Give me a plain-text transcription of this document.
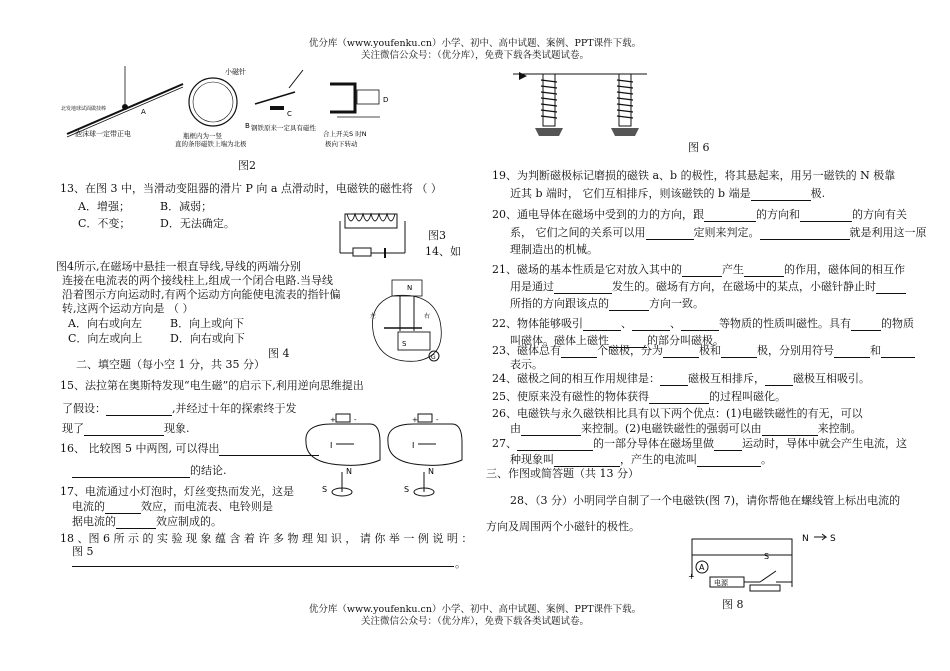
优分库（www.youfenku.cn）小学、初中、高中试题、案例、PPT课件下载。
关注微信公众号：（优分库），免费下载各类试题试卷。
北发地球试面做技棒
泡沫球一定带正电
A
小磁针
瓶框内为一竖
直的条形磁铁上端为北极
B
C
钢铁原来一定具有磁性
D
合上开关S 时N
极向下转动
图2
13、在图 3 中，当滑动变阻器的滑片 P 向 a 点滑动时，电磁铁的磁性将 （ ）
A．增强；	B．减弱；
C．不变；	D．无法确定。
图3
14、如
图4所示,在磁场中悬挂一根直导线,导线的两端分别
连接在电流表的两个接线柱上,组成一个闭合电路.当导线
沿着图示方向运动时,有两个运动方向能使电流表的指针偏
转,这两个运动方向是 （ ）
A．向右或向左	B．向上或向下
C．向左或向上	D．向右或向下
N
左	右
S
G
图 4
二、填空题（每小空 1 分，共 35 分）
15、法拉第在奥斯特发现“电生磁”的启示下,利用逆向思维提出
了假设：	,并经过十年的探索终于发
现了	现象.
16、 比较图 5 中两图, 可以得出
的结论.
+	-
I
N
S
+	-
I
N
S
17、电流通过小灯泡时，灯丝变热而发光，这是
电流的	效应，而电流表、电铃则是
据电流的	效应制成的。
18 、图 6 所 示 的 实 验 现 象 蕴 含 着 许 多 物 理 知 识 ， 请 你 举 一 例 说 明 ：
图 5
。
图 6
19、为判断磁极标记磨损的磁铁 a、b 的极性，将其悬起来，用另一磁铁的 N 极靠
近其 b 端时， 它们互相排斥，则该磁铁的 b 端是	极.
20、通电导体在磁场中受到的力的方向，跟	的方向和	的方向有关
系， 它们之间的关系可以用	定则来判定。	就是利用这一原
理制造出的机械。
21、磁场的基本性质是它对放入其中的	产生	的作用，磁体间的相互作
用是通过	发生的。磁场有方向，在磁场中的某点，小磁针静止时
所指的方向跟该点的	方向一致。
22、物体能够吸引	、	、	等物质的性质叫磁性。具有	的物质
叫磁体。磁体上磁性	的部分叫磁极。
23、磁体总有	个磁极，分为	极和	极，分别用符号	和
表示。
24、磁极之间的相互作用规律是：	磁极互相排斥，	磁极互相吸引。
25、使原来没有磁性的物体获得	的过程叫磁化。
26、电磁铁与永久磁铁相比具有以下两个优点：(1)电磁铁磁性的有无，可以
由	来控制。(2)电磁铁磁性的强弱可以由	来控制。
27、	的一部分导体在磁场里做	运动时，导体中就会产生电流，这
种现象叫	，产生的电流叫	。
三、作图或简答题（共 13 分）
28、（3 分）小明同学自制了一个电磁铁(图 7)，请你帮他在螺线管上标出电流的
方向及周围两个小磁针的极性。
N S
A
+
电源
S
图 8
优分库（www.youfenku.cn）小学、初中、高中试题、案例、PPT课件下载。
关注微信公众号：（优分库），免费下载各类试题试卷。
